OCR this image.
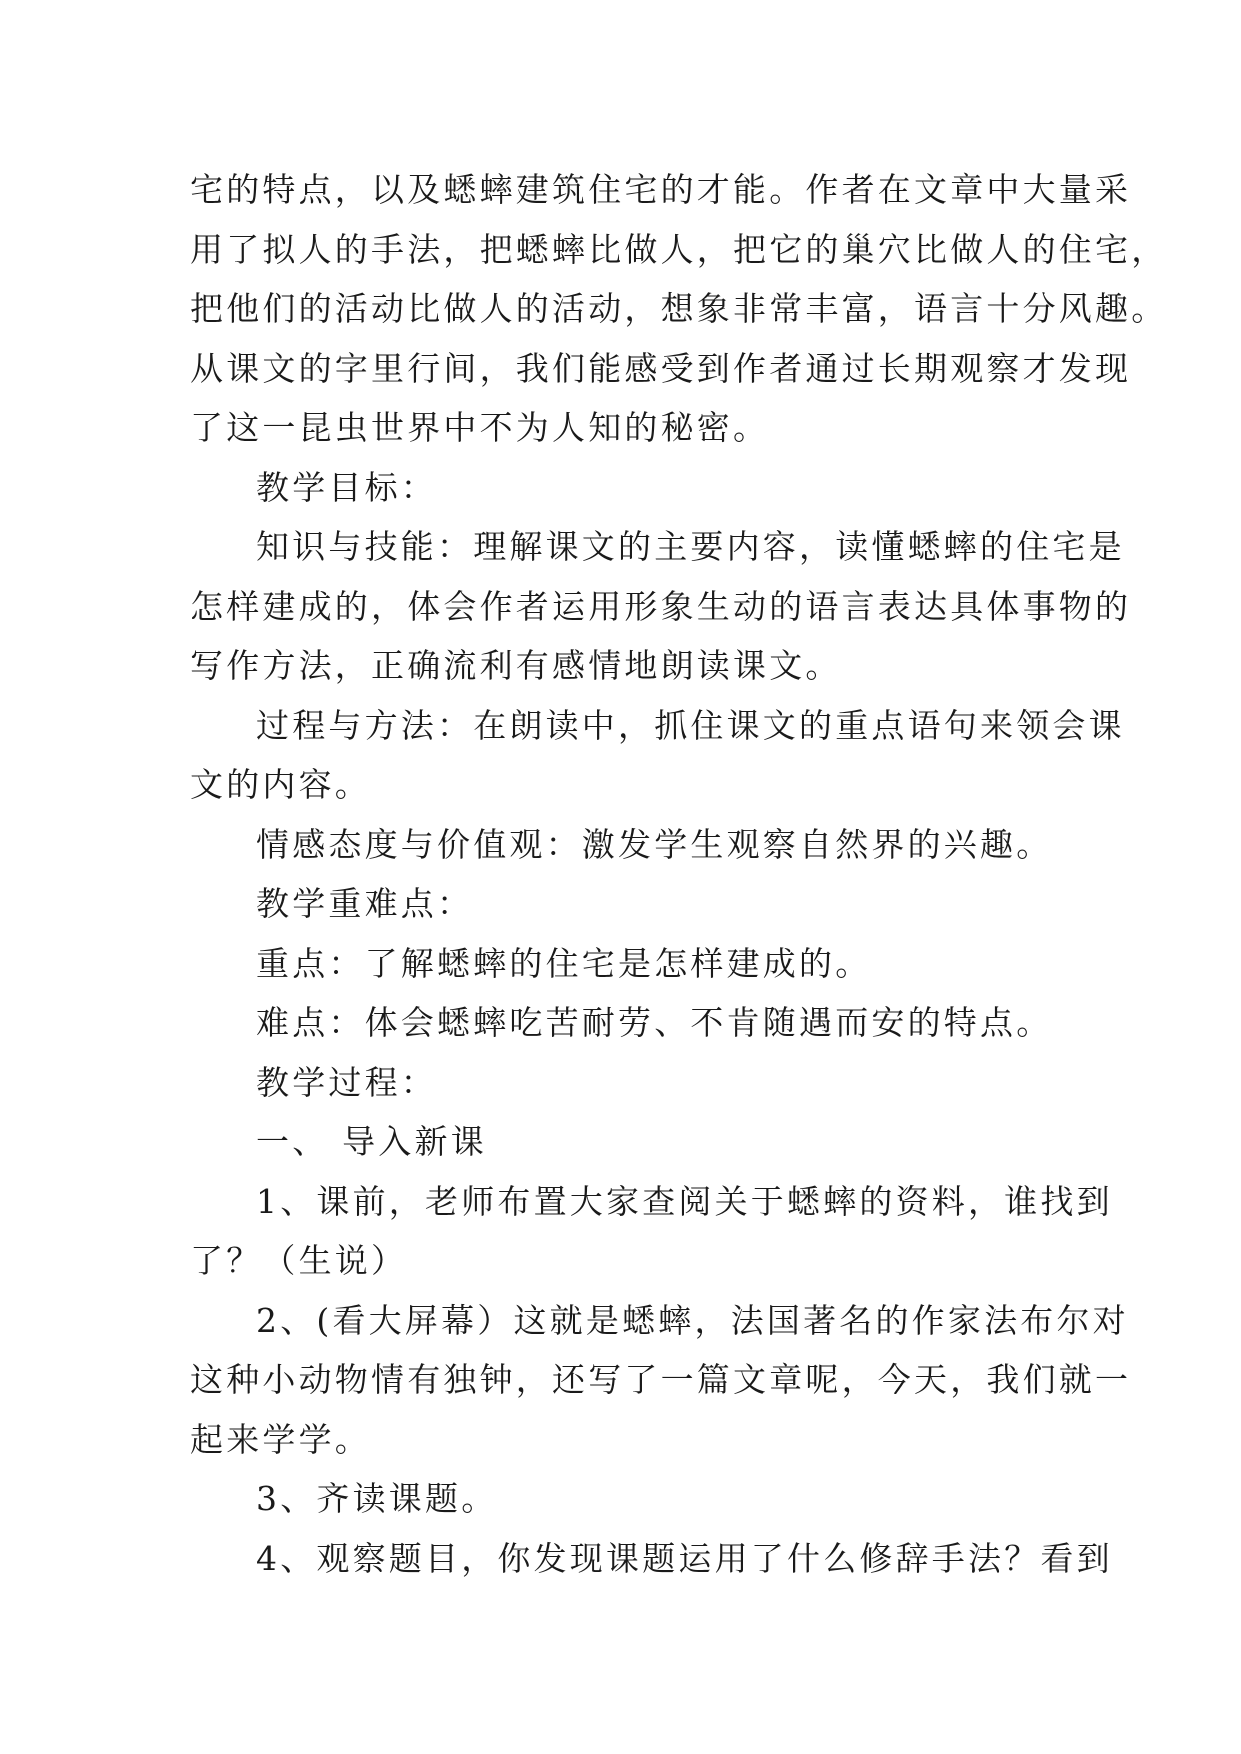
宅的特点，以及蟋蟀建筑住宅的才能。作者在文章中大量采
用了拟人的手法，把蟋蟀比做人，把它的巢穴比做人的住宅，
把他们的活动比做人的活动，想象非常丰富，语言十分风趣。
从课文的字里行间，我们能感受到作者通过长期观察才发现
了这一昆虫世界中不为人知的秘密。
教学目标：
知识与技能：理解课文的主要内容，读懂蟋蟀的住宅是
怎样建成的，体会作者运用形象生动的语言表达具体事物的
写作方法，正确流利有感情地朗读课文。
过程与方法：在朗读中，抓住课文的重点语句来领会课
文的内容。
情感态度与价值观：激发学生观察自然界的兴趣。
教学重难点：
重点：了解蟋蟀的住宅是怎样建成的。
难点：体会蟋蟀吃苦耐劳、不肯随遇而安的特点。
教学过程：
一、 导入新课
1、课前，老师布置大家查阅关于蟋蟀的资料，谁找到
了？（生说）
2、(看大屏幕）这就是蟋蟀，法国著名的作家法布尔对
这种小动物情有独钟，还写了一篇文章呢，今天，我们就一
起来学学。
3、齐读课题。
4、观察题目，你发现课题运用了什么修辞手法？看到
